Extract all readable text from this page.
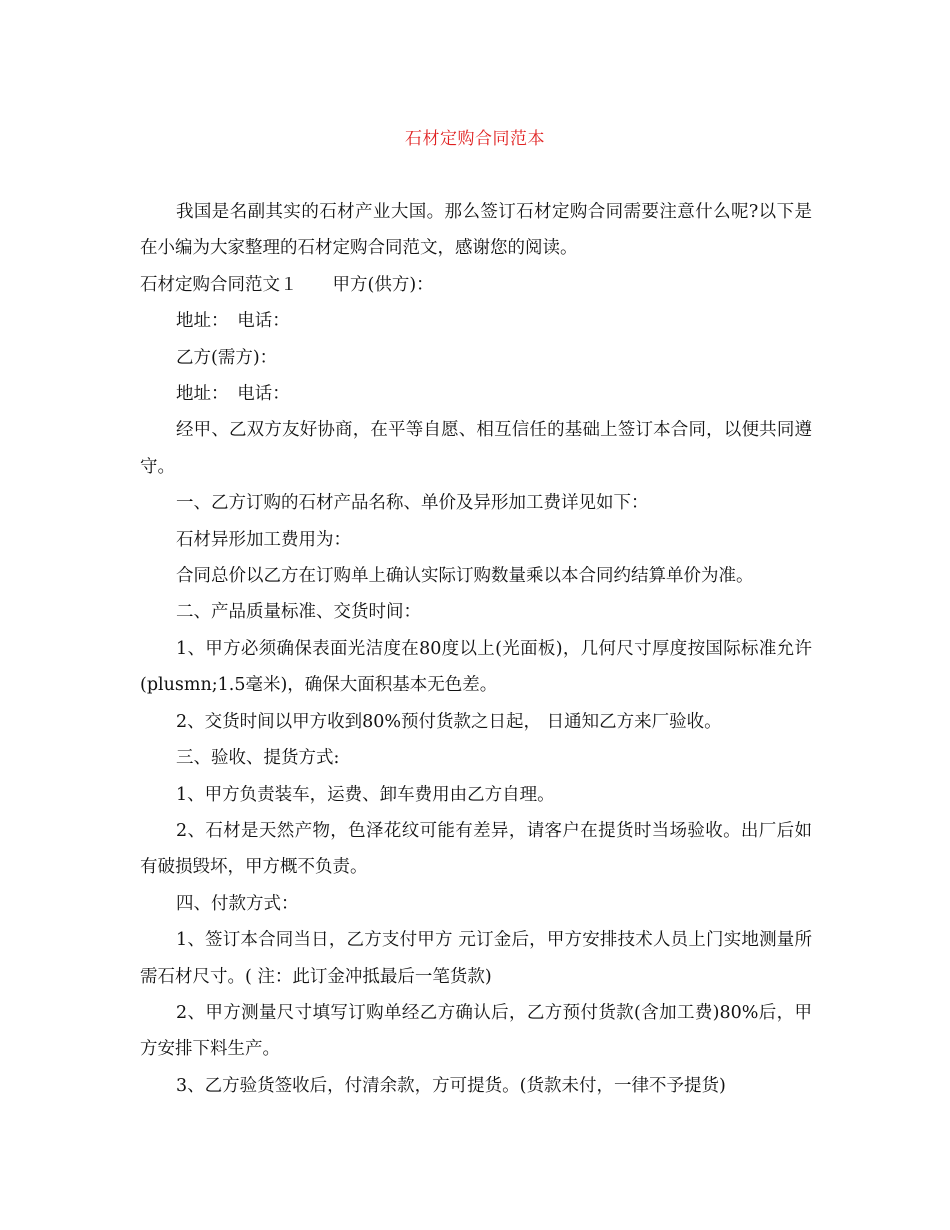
石材定购合同范本

我国是名副其实的石材产业大国。那么签订石材定购合同需要注意什么呢?以下是在小编为大家整理的石材定购合同范文，感谢您的阅读。

石材定购合同范文１　　甲方(供方)：

地址：　电话：

乙方(需方)：

地址：　电话：

经甲、乙双方友好协商，在平等自愿、相互信任的基础上签订本合同，以便共同遵守。

一、乙方订购的石材产品名称、单价及异形加工费详见如下：

石材异形加工费用为：

合同总价以乙方在订购单上确认实际订购数量乘以本合同约结算单价为准。

二、产品质量标准、交货时间：

1、甲方必须确保表面光洁度在80度以上(光面板)，几何尺寸厚度按国际标准允许(plusmn;1.5毫米)，确保大面积基本无色差。

2、交货时间以甲方收到80%预付货款之日起， 日通知乙方来厂验收。

三、验收、提货方式:

1、甲方负责装车，运费、卸车费用由乙方自理。

2、石材是天然产物，色泽花纹可能有差异，请客户在提货时当场验收。出厂后如有破损毁坏，甲方概不负责。

四、付款方式：

1、签订本合同当日，乙方支付甲方 元订金后，甲方安排技术人员上门实地测量所需石材尺寸。( 注：此订金冲抵最后一笔货款)

2、甲方测量尺寸填写订购单经乙方确认后，乙方预付货款(含加工费)80%后，甲方安排下料生产。

3、乙方验货签收后，付清余款，方可提货。(货款未付，一律不予提货)
